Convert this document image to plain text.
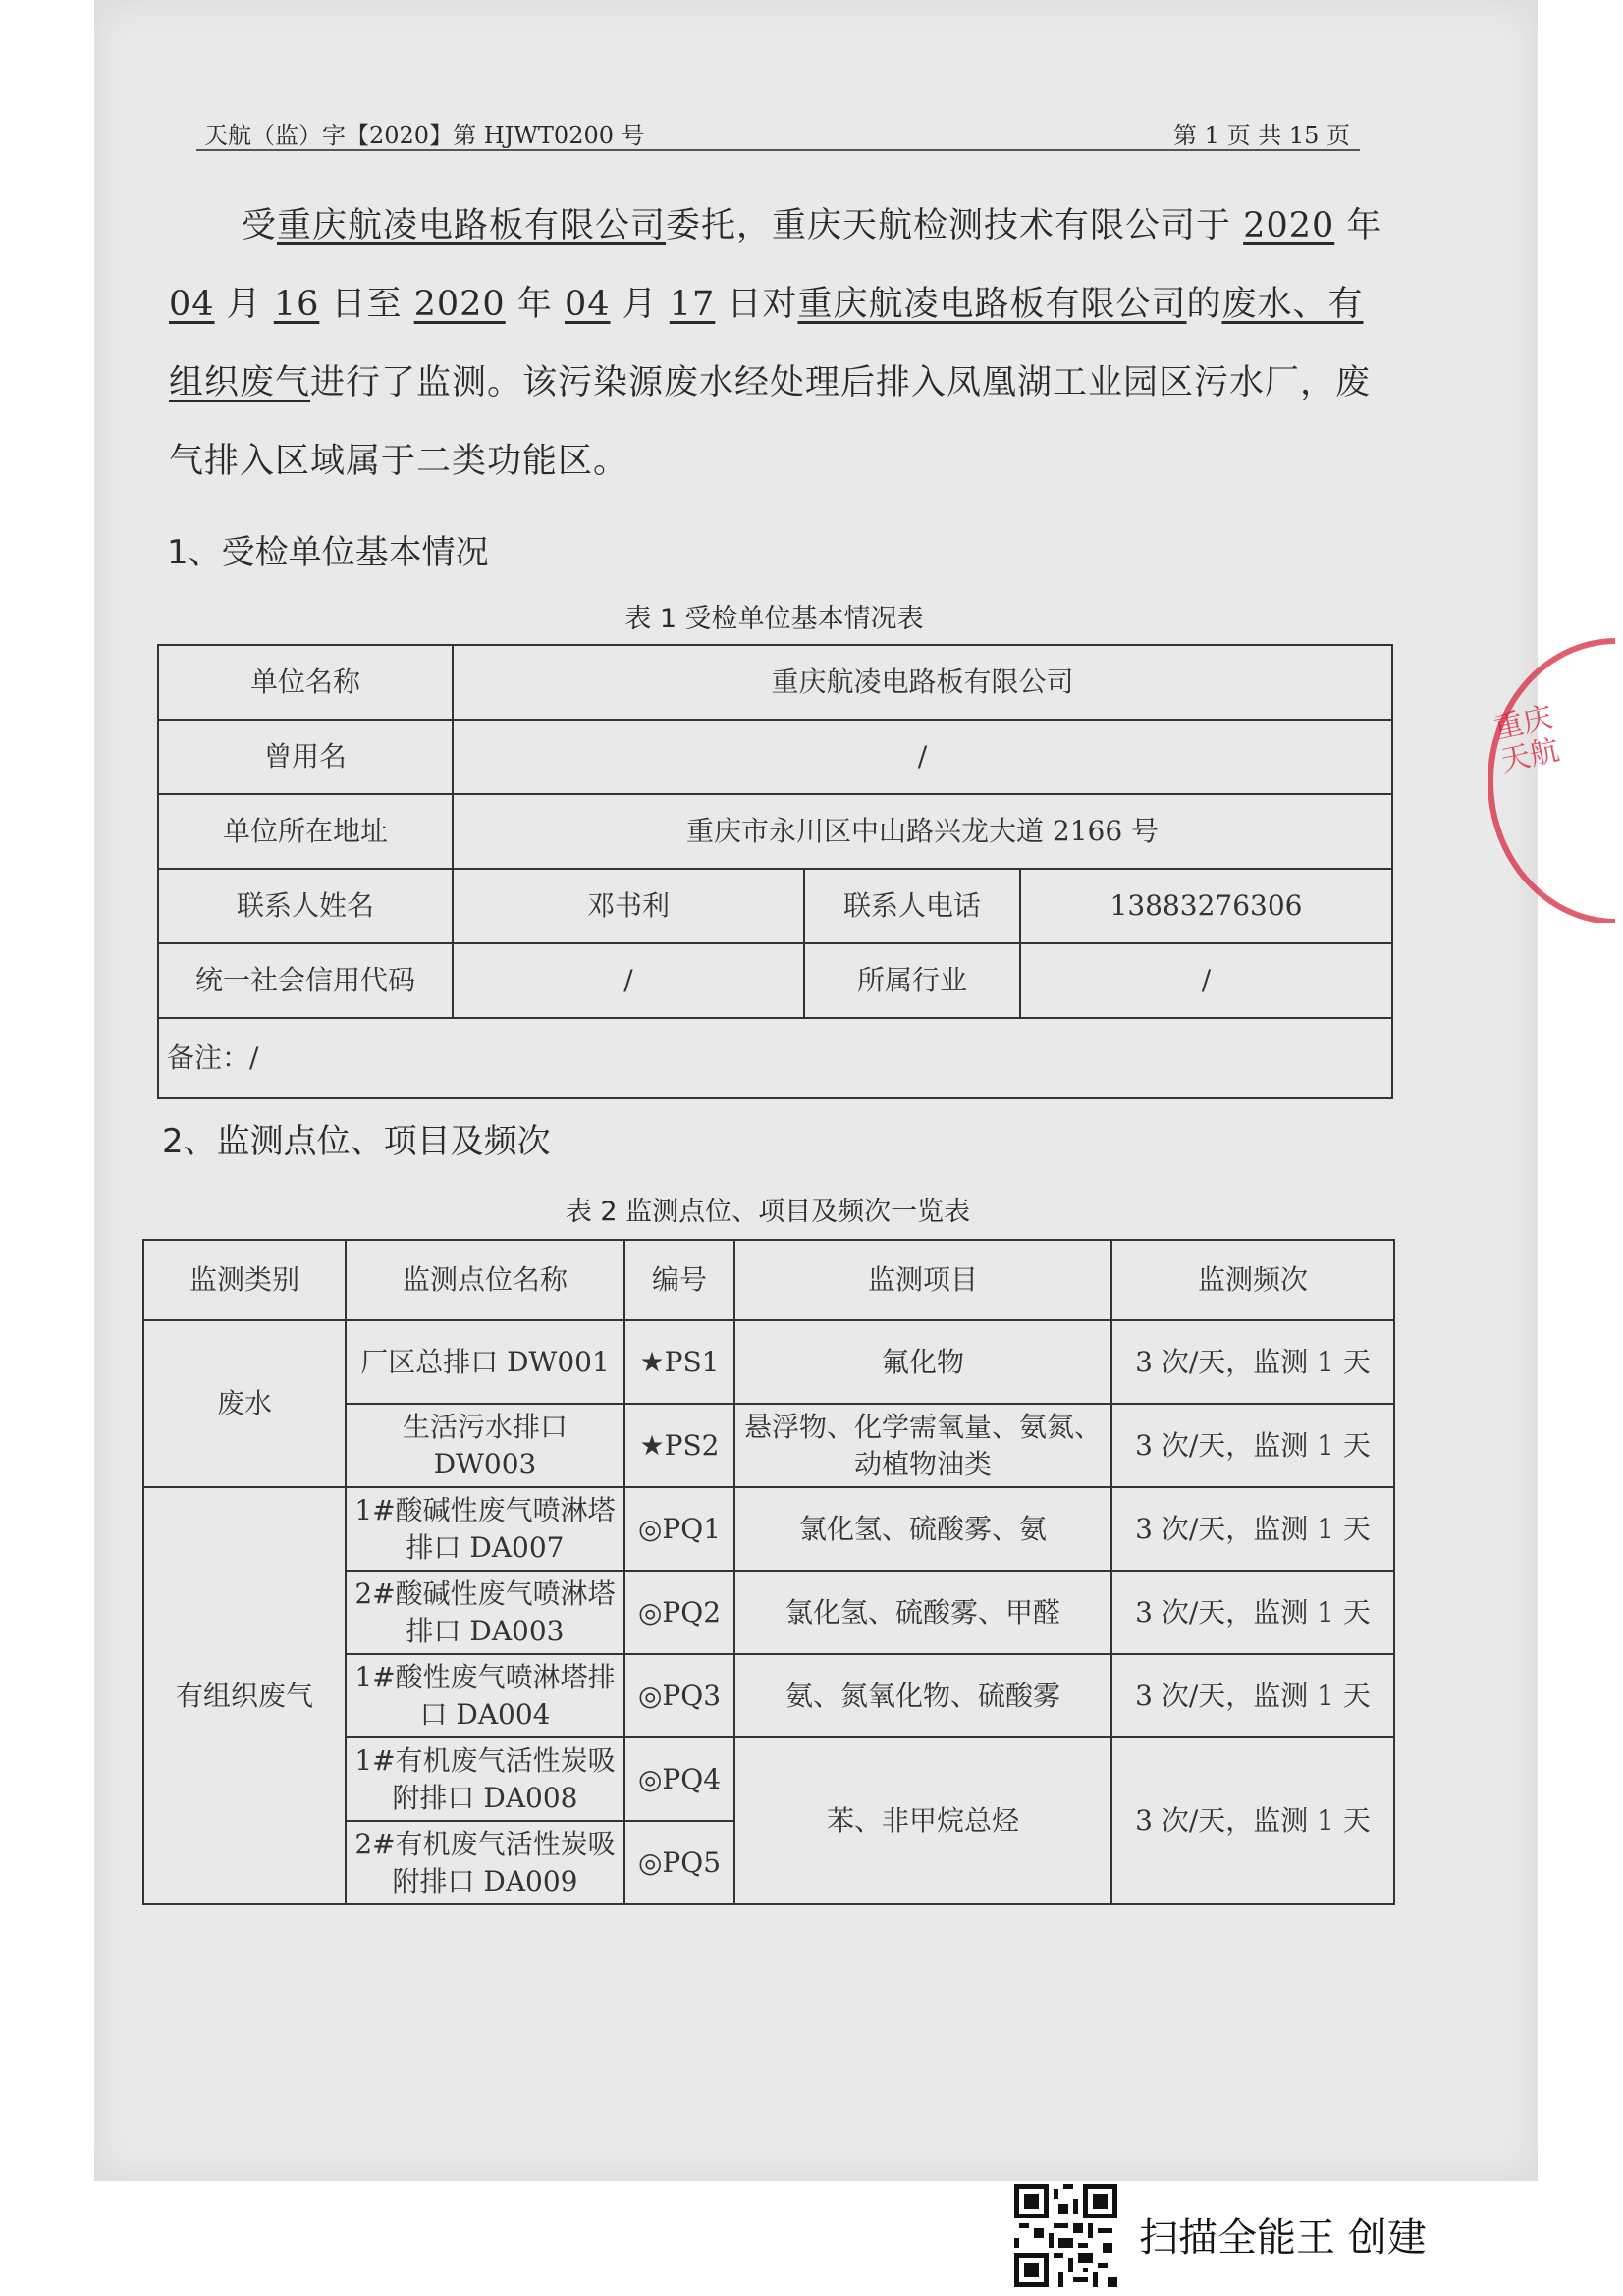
天航（监）字【2020】第 HJWT0200 号	第 1 页 共 15 页

受重庆航凌电路板有限公司委托，重庆天航检测技术有限公司于 2020 年 04 月 16 日至 2020 年 04 月 17 日对重庆航凌电路板有限公司的废水、有组织废气进行了监测。该污染源废水经处理后排入凤凰湖工业园区污水厂，废气排入区域属于二类功能区。

1、受检单位基本情况
表 1 受检单位基本情况表
单位名称	重庆航凌电路板有限公司		
曾用名	/		
单位所在地址	重庆市永川区中山路兴龙大道 2166 号		
联系人姓名	邓书利	联系人电话	13883276306
统一社会信用代码	/	所属行业	/
备注：/			
2、监测点位、项目及频次
表 2 监测点位、项目及频次一览表
监测类别	监测点位名称	编号	监测项目	监测频次
废水	厂区总排口 DW001	★PS1	氟化物	3 次/天，监测 1 天
	生活污水排口 DW003	★PS2	悬浮物、化学需氧量、氨氮、动植物油类	3 次/天，监测 1 天
有组织废气	1#酸碱性废气喷淋塔排口 DA007	◎PQ1	氯化氢、硫酸雾、氨	3 次/天，监测 1 天
	2#酸碱性废气喷淋塔排口 DA003	◎PQ2	氯化氢、硫酸雾、甲醛	3 次/天，监测 1 天
	1#酸性废气喷淋塔排口 DA004	◎PQ3	氨、氮氧化物、硫酸雾	3 次/天，监测 1 天
	1#有机废气活性炭吸附排口 DA008	◎PQ4	苯、非甲烷总烃	3 次/天，监测 1 天
	2#有机废气活性炭吸附排口 DA009	◎PQ5		
重庆天航
扫描全能王 创建
